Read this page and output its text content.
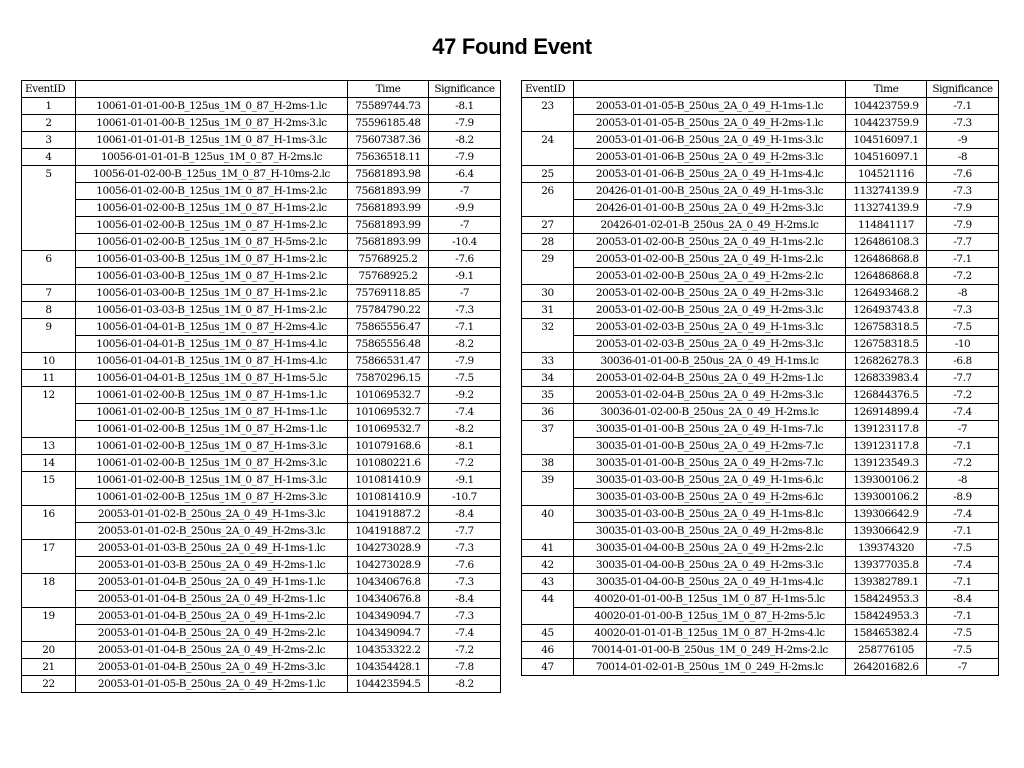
47 Found Event
EventID		Time	Significance
1	10061-01-01-00-B_125us_1M_0_87_H-2ms-1.lc	75589744.73	-8.1
2	10061-01-01-00-B_125us_1M_0_87_H-2ms-3.lc	75596185.48	-7.9
3	10061-01-01-01-B_125us_1M_0_87_H-1ms-3.lc	75607387.36	-8.2
4	10056-01-01-01-B_125us_1M_0_87_H-2ms.lc	75636518.11	-7.9
5	10056-01-02-00-B_125us_1M_0_87_H-10ms-2.lc	75681893.98	-6.4
	10056-01-02-00-B_125us_1M_0_87_H-1ms-2.lc	75681893.99	-7
	10056-01-02-00-B_125us_1M_0_87_H-1ms-2.lc	75681893.99	-9.9
	10056-01-02-00-B_125us_1M_0_87_H-1ms-2.lc	75681893.99	-7
	10056-01-02-00-B_125us_1M_0_87_H-5ms-2.lc	75681893.99	-10.4
6	10056-01-03-00-B_125us_1M_0_87_H-1ms-2.lc	75768925.2	-7.6
	10056-01-03-00-B_125us_1M_0_87_H-1ms-2.lc	75768925.2	-9.1
7	10056-01-03-00-B_125us_1M_0_87_H-1ms-2.lc	75769118.85	-7
8	10056-01-03-03-B_125us_1M_0_87_H-1ms-2.lc	75784790.22	-7.3
9	10056-01-04-01-B_125us_1M_0_87_H-2ms-4.lc	75865556.47	-7.1
	10056-01-04-01-B_125us_1M_0_87_H-1ms-4.lc	75865556.48	-8.2
10	10056-01-04-01-B_125us_1M_0_87_H-1ms-4.lc	75866531.47	-7.9
11	10056-01-04-01-B_125us_1M_0_87_H-1ms-5.lc	75870296.15	-7.5
12	10061-01-02-00-B_125us_1M_0_87_H-1ms-1.lc	101069532.7	-9.2
	10061-01-02-00-B_125us_1M_0_87_H-1ms-1.lc	101069532.7	-7.4
	10061-01-02-00-B_125us_1M_0_87_H-2ms-1.lc	101069532.7	-8.2
13	10061-01-02-00-B_125us_1M_0_87_H-1ms-3.lc	101079168.6	-8.1
14	10061-01-02-00-B_125us_1M_0_87_H-2ms-3.lc	101080221.6	-7.2
15	10061-01-02-00-B_125us_1M_0_87_H-1ms-3.lc	101081410.9	-9.1
	10061-01-02-00-B_125us_1M_0_87_H-2ms-3.lc	101081410.9	-10.7
16	20053-01-01-02-B_250us_2A_0_49_H-1ms-3.lc	104191887.2	-8.4
	20053-01-01-02-B_250us_2A_0_49_H-2ms-3.lc	104191887.2	-7.7
17	20053-01-01-03-B_250us_2A_0_49_H-1ms-1.lc	104273028.9	-7.3
	20053-01-01-03-B_250us_2A_0_49_H-2ms-1.lc	104273028.9	-7.6
18	20053-01-01-04-B_250us_2A_0_49_H-1ms-1.lc	104340676.8	-7.3
	20053-01-01-04-B_250us_2A_0_49_H-2ms-1.lc	104340676.8	-8.4
19	20053-01-01-04-B_250us_2A_0_49_H-1ms-2.lc	104349094.7	-7.3
	20053-01-01-04-B_250us_2A_0_49_H-2ms-2.lc	104349094.7	-7.4
20	20053-01-01-04-B_250us_2A_0_49_H-2ms-2.lc	104353322.2	-7.2
21	20053-01-01-04-B_250us_2A_0_49_H-2ms-3.lc	104354428.1	-7.8
22	20053-01-01-05-B_250us_2A_0_49_H-2ms-1.lc	104423594.5	-8.2
EventID		Time	Significance
23	20053-01-01-05-B_250us_2A_0_49_H-1ms-1.lc	104423759.9	-7.1
	20053-01-01-05-B_250us_2A_0_49_H-2ms-1.lc	104423759.9	-7.3
24	20053-01-01-06-B_250us_2A_0_49_H-1ms-3.lc	104516097.1	-9
	20053-01-01-06-B_250us_2A_0_49_H-2ms-3.lc	104516097.1	-8
25	20053-01-01-06-B_250us_2A_0_49_H-1ms-4.lc	104521116	-7.6
26	20426-01-01-00-B_250us_2A_0_49_H-1ms-3.lc	113274139.9	-7.3
	20426-01-01-00-B_250us_2A_0_49_H-2ms-3.lc	113274139.9	-7.9
27	20426-01-02-01-B_250us_2A_0_49_H-2ms.lc	114841117	-7.9
28	20053-01-02-00-B_250us_2A_0_49_H-1ms-2.lc	126486108.3	-7.7
29	20053-01-02-00-B_250us_2A_0_49_H-1ms-2.lc	126486868.8	-7.1
	20053-01-02-00-B_250us_2A_0_49_H-2ms-2.lc	126486868.8	-7.2
30	20053-01-02-00-B_250us_2A_0_49_H-2ms-3.lc	126493468.2	-8
31	20053-01-02-00-B_250us_2A_0_49_H-2ms-3.lc	126493743.8	-7.3
32	20053-01-02-03-B_250us_2A_0_49_H-1ms-3.lc	126758318.5	-7.5
	20053-01-02-03-B_250us_2A_0_49_H-2ms-3.lc	126758318.5	-10
33	30036-01-01-00-B_250us_2A_0_49_H-1ms.lc	126826278.3	-6.8
34	20053-01-02-04-B_250us_2A_0_49_H-2ms-1.lc	126833983.4	-7.7
35	20053-01-02-04-B_250us_2A_0_49_H-2ms-3.lc	126844376.5	-7.2
36	30036-01-02-00-B_250us_2A_0_49_H-2ms.lc	126914899.4	-7.4
37	30035-01-01-00-B_250us_2A_0_49_H-1ms-7.lc	139123117.8	-7
	30035-01-01-00-B_250us_2A_0_49_H-2ms-7.lc	139123117.8	-7.1
38	30035-01-01-00-B_250us_2A_0_49_H-2ms-7.lc	139123549.3	-7.2
39	30035-01-03-00-B_250us_2A_0_49_H-1ms-6.lc	139300106.2	-8
	30035-01-03-00-B_250us_2A_0_49_H-2ms-6.lc	139300106.2	-8.9
40	30035-01-03-00-B_250us_2A_0_49_H-1ms-8.lc	139306642.9	-7.4
	30035-01-03-00-B_250us_2A_0_49_H-2ms-8.lc	139306642.9	-7.1
41	30035-01-04-00-B_250us_2A_0_49_H-2ms-2.lc	139374320	-7.5
42	30035-01-04-00-B_250us_2A_0_49_H-2ms-3.lc	139377035.8	-7.4
43	30035-01-04-00-B_250us_2A_0_49_H-1ms-4.lc	139382789.1	-7.1
44	40020-01-01-00-B_125us_1M_0_87_H-1ms-5.lc	158424953.3	-8.4
	40020-01-01-00-B_125us_1M_0_87_H-2ms-5.lc	158424953.3	-7.1
45	40020-01-01-01-B_125us_1M_0_87_H-2ms-4.lc	158465382.4	-7.5
46	70014-01-01-00-B_250us_1M_0_249_H-2ms-2.lc	258776105	-7.5
47	70014-01-02-01-B_250us_1M_0_249_H-2ms.lc	264201682.6	-7
